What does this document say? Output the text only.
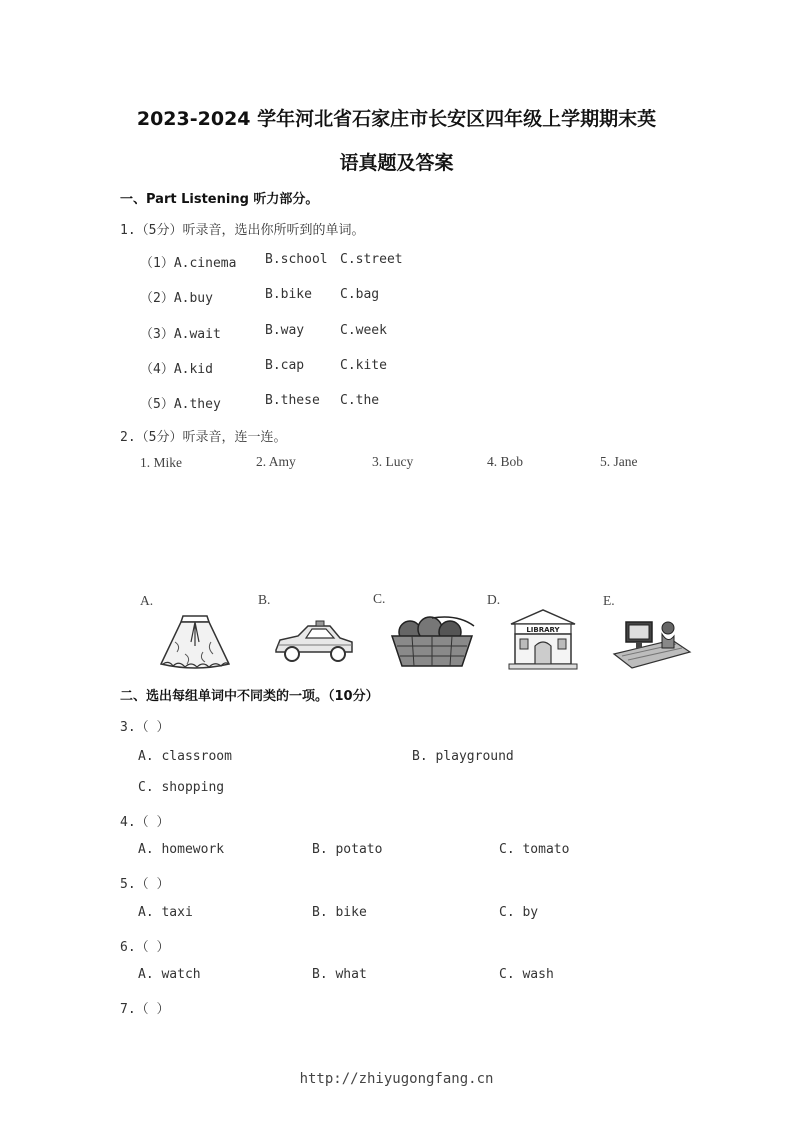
2023-2024 学年河北省石家庄市长安区四年级上学期期末英
语真题及答案
一、Part Listening 听力部分。
1.（5分）听录音，选出你所听到的单词。
（1）A.cinema B.school C.street
（2）A.buy	B.bike C.bag
（3）A.wait	B.way	C.week
（4）A.kid	B.cap	C.kite
（5）A.they	B.these C.the
2.（5分）听录音，连一连。
1. Mike	2. Amy	3. Lucy	4. Bob	5. Jane
A.	B.	C.	D.	E.
LIBRARY
二、选出每组单词中不同类的一项。（10分）
3.（ ）
A. classroom	B. playground
C. shopping
4.（ ）
A. homework	B. potato	C. tomato
5.（ ）
A. taxi	B. bike	C. by
6.（ ）
A. watch	B. what	C. wash
7.（ ）
http://zhiyugongfang.cn
